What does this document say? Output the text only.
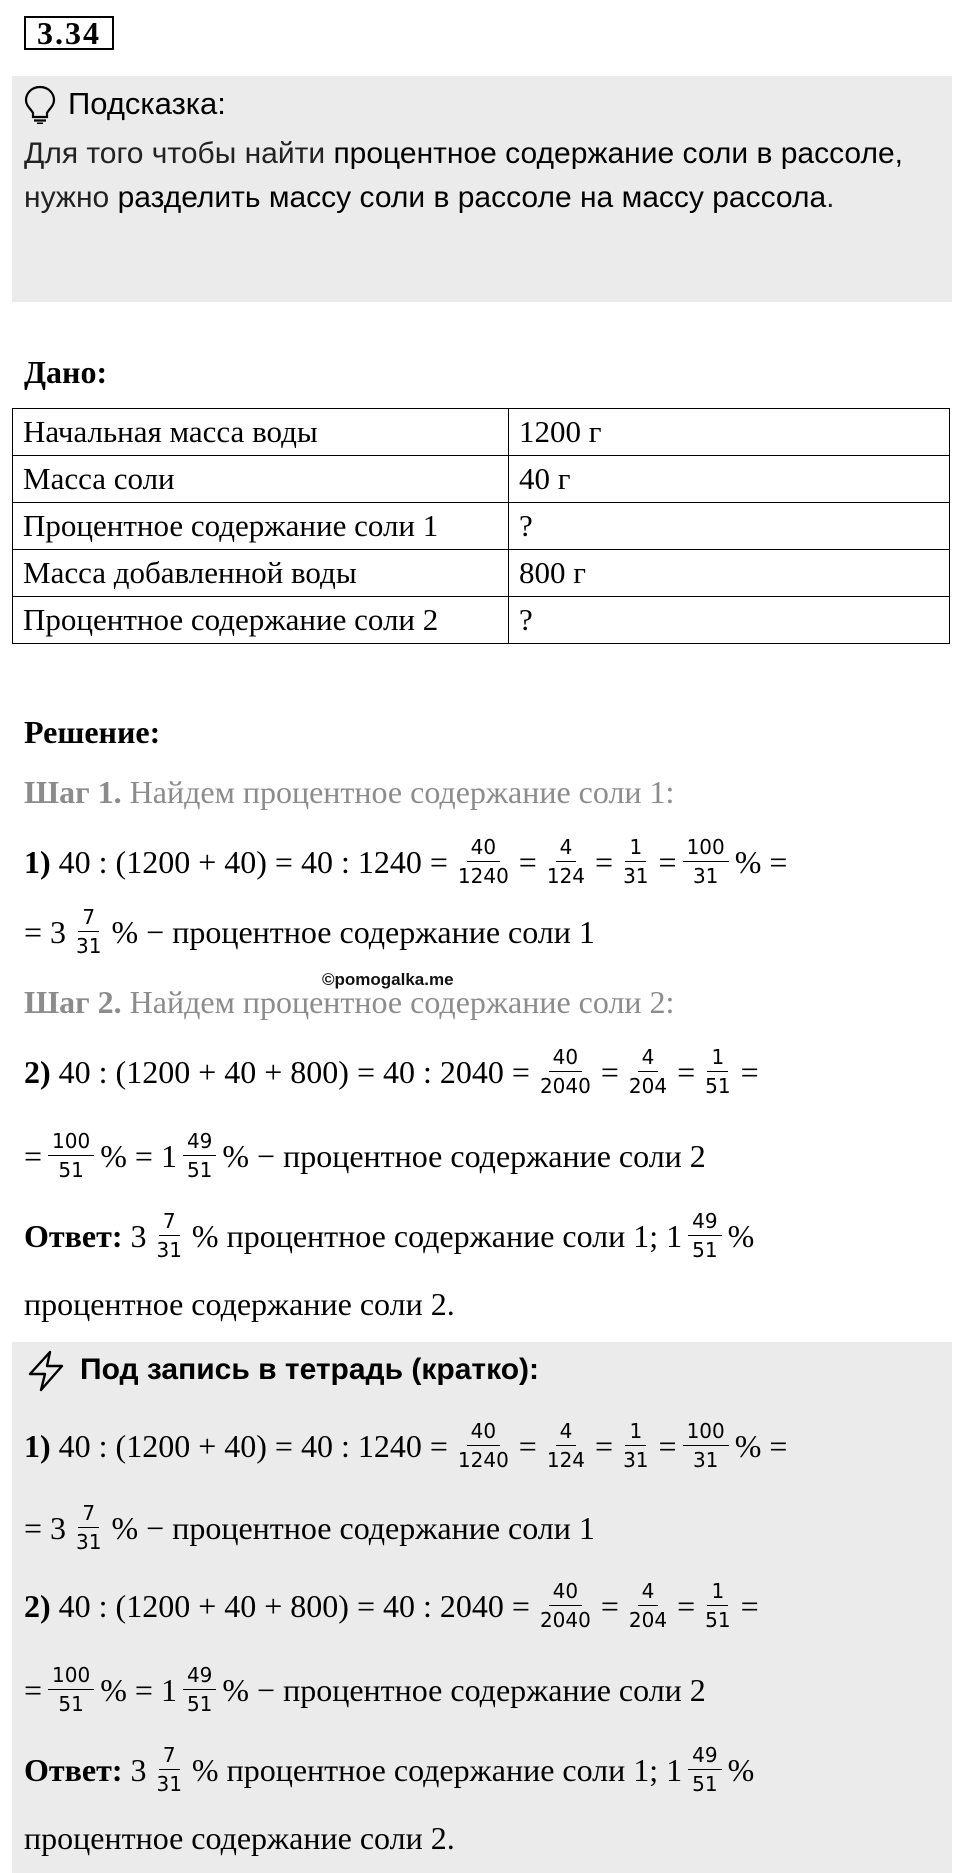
3.34
Подсказка:
Для того чтобы найти процентное содержание соли в рассоле, нужно разделить массу соли в рассоле на массу рассола.
Дано:
Начальная масса воды	1200 г
Масса соли	40 г
Процентное содержание соли 1	?
Масса добавленной воды	800 г
Процентное содержание соли 2	?
Решение:
Шаг 1. Найдем процентное содержание соли 1:
1) 40 : (1200 + 40) = 40 : $1240 = \frac{40}{1240} = \frac{4}{124} = \frac{1}{31} = \frac{100}{31}$ % =
= $3 \frac{7}{31}$ % − процентное содержание соли 1
©pomogalka.me
Шаг 2. Найдем процентное содержание соли 2:
2) 40 : (1200 + 40 + 800) = 40 : $2040 = \frac{40}{2040} = \frac{4}{204} = \frac{1}{51}$ =
= $\frac{100}{51}$ % = $1 \frac{49}{51}$ % − процентное содержание соли 2
Ответ: $3 \frac{7}{31}$ % процентное содержание соли 1; $1 \frac{49}{51}$ %
процентное содержание соли 2.
Под запись в тетрадь (кратко):
1) 40 : (1200 + 40) = 40 : $1240 = \frac{40}{1240} = \frac{4}{124} = \frac{1}{31} = \frac{100}{31}$ % =
= $3 \frac{7}{31}$ % − процентное содержание соли 1
2) 40 : (1200 + 40 + 800) = 40 : $2040 = \frac{40}{2040} = \frac{4}{204} = \frac{1}{51}$ =
= $\frac{100}{51}$ % = $1 \frac{49}{51}$ % − процентное содержание соли 2
Ответ: $3 \frac{7}{31}$ % процентное содержание соли 1; $1 \frac{49}{51}$ %
процентное содержание соли 2.
